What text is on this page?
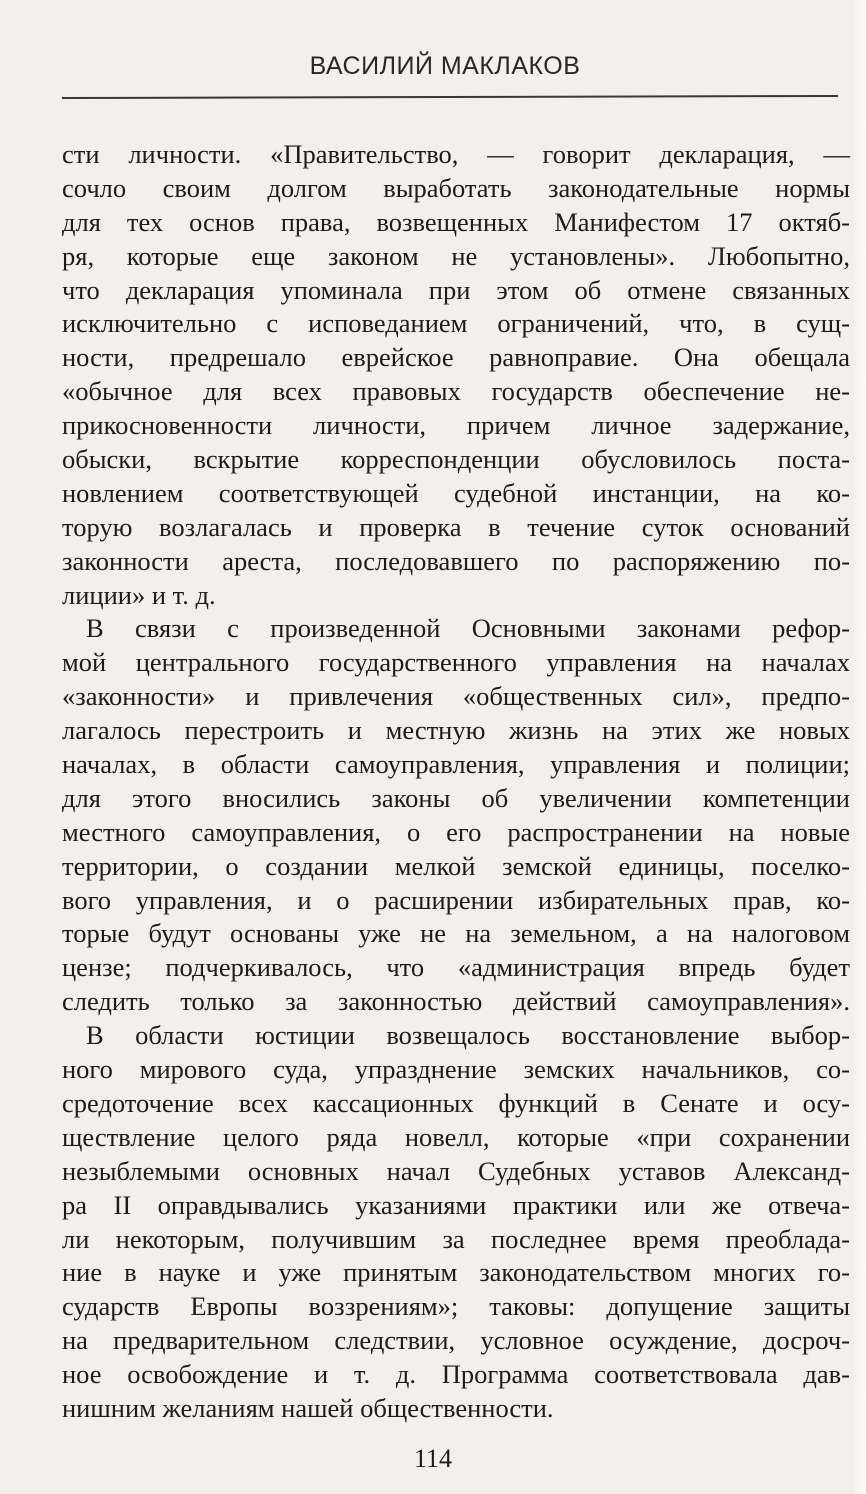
ВАСИЛИЙ МАКЛАКОВ
сти личности. «Правительство, — говорит декларация, —
сочло своим долгом выработать законодательные нормы
для тех основ права, возвещенных Манифестом 17 октяб-
ря, которые еще законом не установлены». Любопытно,
что декларация упоминала при этом об отмене связанных
исключительно с исповеданием ограничений, что, в сущ-
ности, предрешало еврейское равноправие. Она обещала
«обычное для всех правовых государств обеспечение не-
прикосновенности личности, причем личное задержание,
обыски, вскрытие корреспонденции обусловилось поста-
новлением соответствующей судебной инстанции, на ко-
торую возлагалась и проверка в течение суток оснований
законности ареста, последовавшего по распоряжению по-
лиции» и т. д.
В связи с произведенной Основными законами рефор-
мой центрального государственного управления на началах
«законности» и привлечения «общественных сил», предпо-
лагалось перестроить и местную жизнь на этих же новых
началах, в области самоуправления, управления и полиции;
для этого вносились законы об увеличении компетенции
местного самоуправления, о его распространении на новые
территории, о создании мелкой земской единицы, поселко-
вого управления, и о расширении избирательных прав, ко-
торые будут основаны уже не на земельном, а на налоговом
цензе; подчеркивалось, что «администрация впредь будет
следить только за законностью действий самоуправления».
В области юстиции возвещалось восстановление выбор-
ного мирового суда, упразднение земских начальников, со-
средоточение всех кассационных функций в Сенате и осу-
ществление целого ряда новелл, которые «при сохранении
незыблемыми основных начал Судебных уставов Александ-
ра II оправдывались указаниями практики или же отвеча-
ли некоторым, получившим за последнее время преоблада-
ние в науке и уже принятым законодательством многих го-
сударств Европы воззрениям»; таковы: допущение защиты
на предварительном следствии, условное осуждение, досроч-
ное освобождение и т. д. Программа соответствовала дав-
нишним желаниям нашей общественности.
114
